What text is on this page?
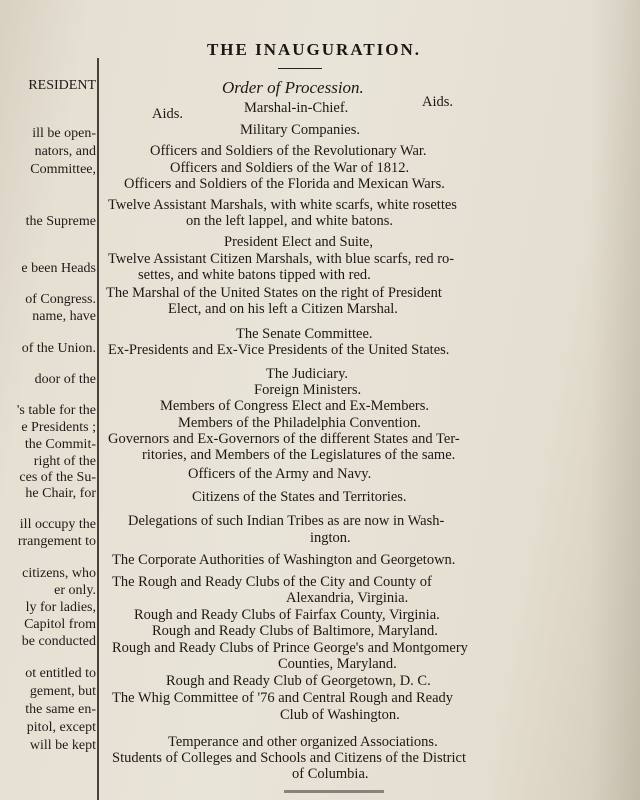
RESIDENT
ill be open-
nators, and
Committee,
the Supreme
e been Heads
of Congress.
name, have
of the Union.
door of the
's table for the
e Presidents ;
the Commit-
right of the
ces of the Su-
he Chair, for
ill occupy the
rrangement to
citizens, who
er only.
ly for ladies,
Capitol from
be conducted
ot entitled to
gement, but
the same en-
pitol, except
will be kept
THE INAUGURATION.
Order of Procession.
Aids.	Marshal-in-Chief.	Aids.
Military Companies.
Officers and Soldiers of the Revolutionary War.
Officers and Soldiers of the War of 1812.
Officers and Soldiers of the Florida and Mexican Wars.
Twelve Assistant Marshals, with white scarfs, white rosettes
on the left lappel, and white batons.
President Elect and Suite,
Twelve Assistant Citizen Marshals, with blue scarfs, red ro-
settes, and white batons tipped with red.
The Marshal of the United States on the right of President
Elect, and on his left a Citizen Marshal.
The Senate Committee.
Ex-Presidents and Ex-Vice Presidents of the United States.
The Judiciary.
Foreign Ministers.
Members of Congress Elect and Ex-Members.
Members of the Philadelphia Convention.
Governors and Ex-Governors of the different States and Ter-
ritories, and Members of the Legislatures of the same.
Officers of the Army and Navy.
Citizens of the States and Territories.
Delegations of such Indian Tribes as are now in Wash-
ington.
The Corporate Authorities of Washington and Georgetown.
The Rough and Ready Clubs of the City and County of
Alexandria, Virginia.
Rough and Ready Clubs of Fairfax County, Virginia.
Rough and Ready Clubs of Baltimore, Maryland.
Rough and Ready Clubs of Prince George's and Montgomery
Counties, Maryland.
Rough and Ready Club of Georgetown, D. C.
The Whig Committee of '76 and Central Rough and Ready
Club of Washington.
Temperance and other organized Associations.
Students of Colleges and Schools and Citizens of the District
of Columbia.
